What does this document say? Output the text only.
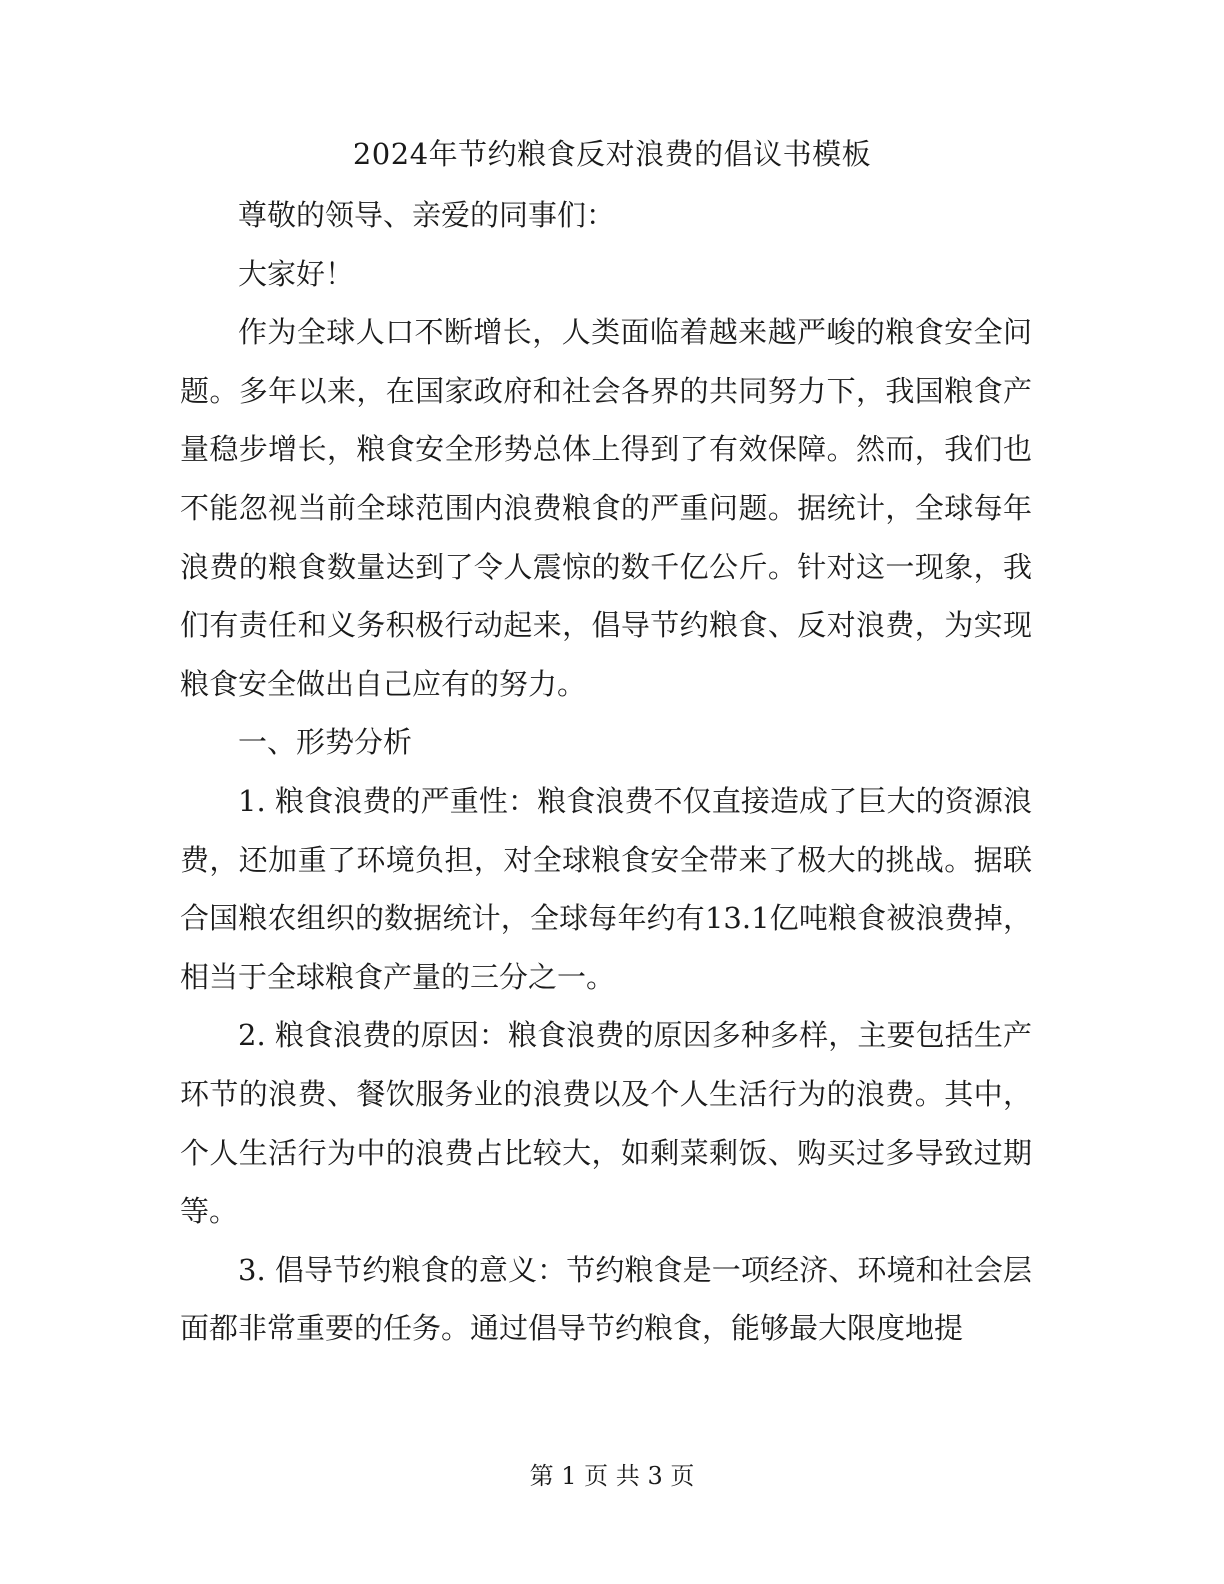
2024年节约粮食反对浪费的倡议书模板

尊敬的领导、亲爱的同事们：

大家好！

作为全球人口不断增长，人类面临着越来越严峻的粮食安全问题。多年以来，在国家政府和社会各界的共同努力下，我国粮食产量稳步增长，粮食安全形势总体上得到了有效保障。然而，我们也不能忽视当前全球范围内浪费粮食的严重问题。据统计，全球每年浪费的粮食数量达到了令人震惊的数千亿公斤。针对这一现象，我们有责任和义务积极行动起来，倡导节约粮食、反对浪费，为实现粮食安全做出自己应有的努力。

一、形势分析

1. 粮食浪费的严重性：粮食浪费不仅直接造成了巨大的资源浪费，还加重了环境负担，对全球粮食安全带来了极大的挑战。据联合国粮农组织的数据统计，全球每年约有13.1亿吨粮食被浪费掉，相当于全球粮食产量的三分之一。

2. 粮食浪费的原因：粮食浪费的原因多种多样，主要包括生产环节的浪费、餐饮服务业的浪费以及个人生活行为的浪费。其中，个人生活行为中的浪费占比较大，如剩菜剩饭、购买过多导致过期等。

3. 倡导节约粮食的意义：节约粮食是一项经济、环境和社会层面都非常重要的任务。通过倡导节约粮食，能够最大限度地提

第 1 页 共 3 页
